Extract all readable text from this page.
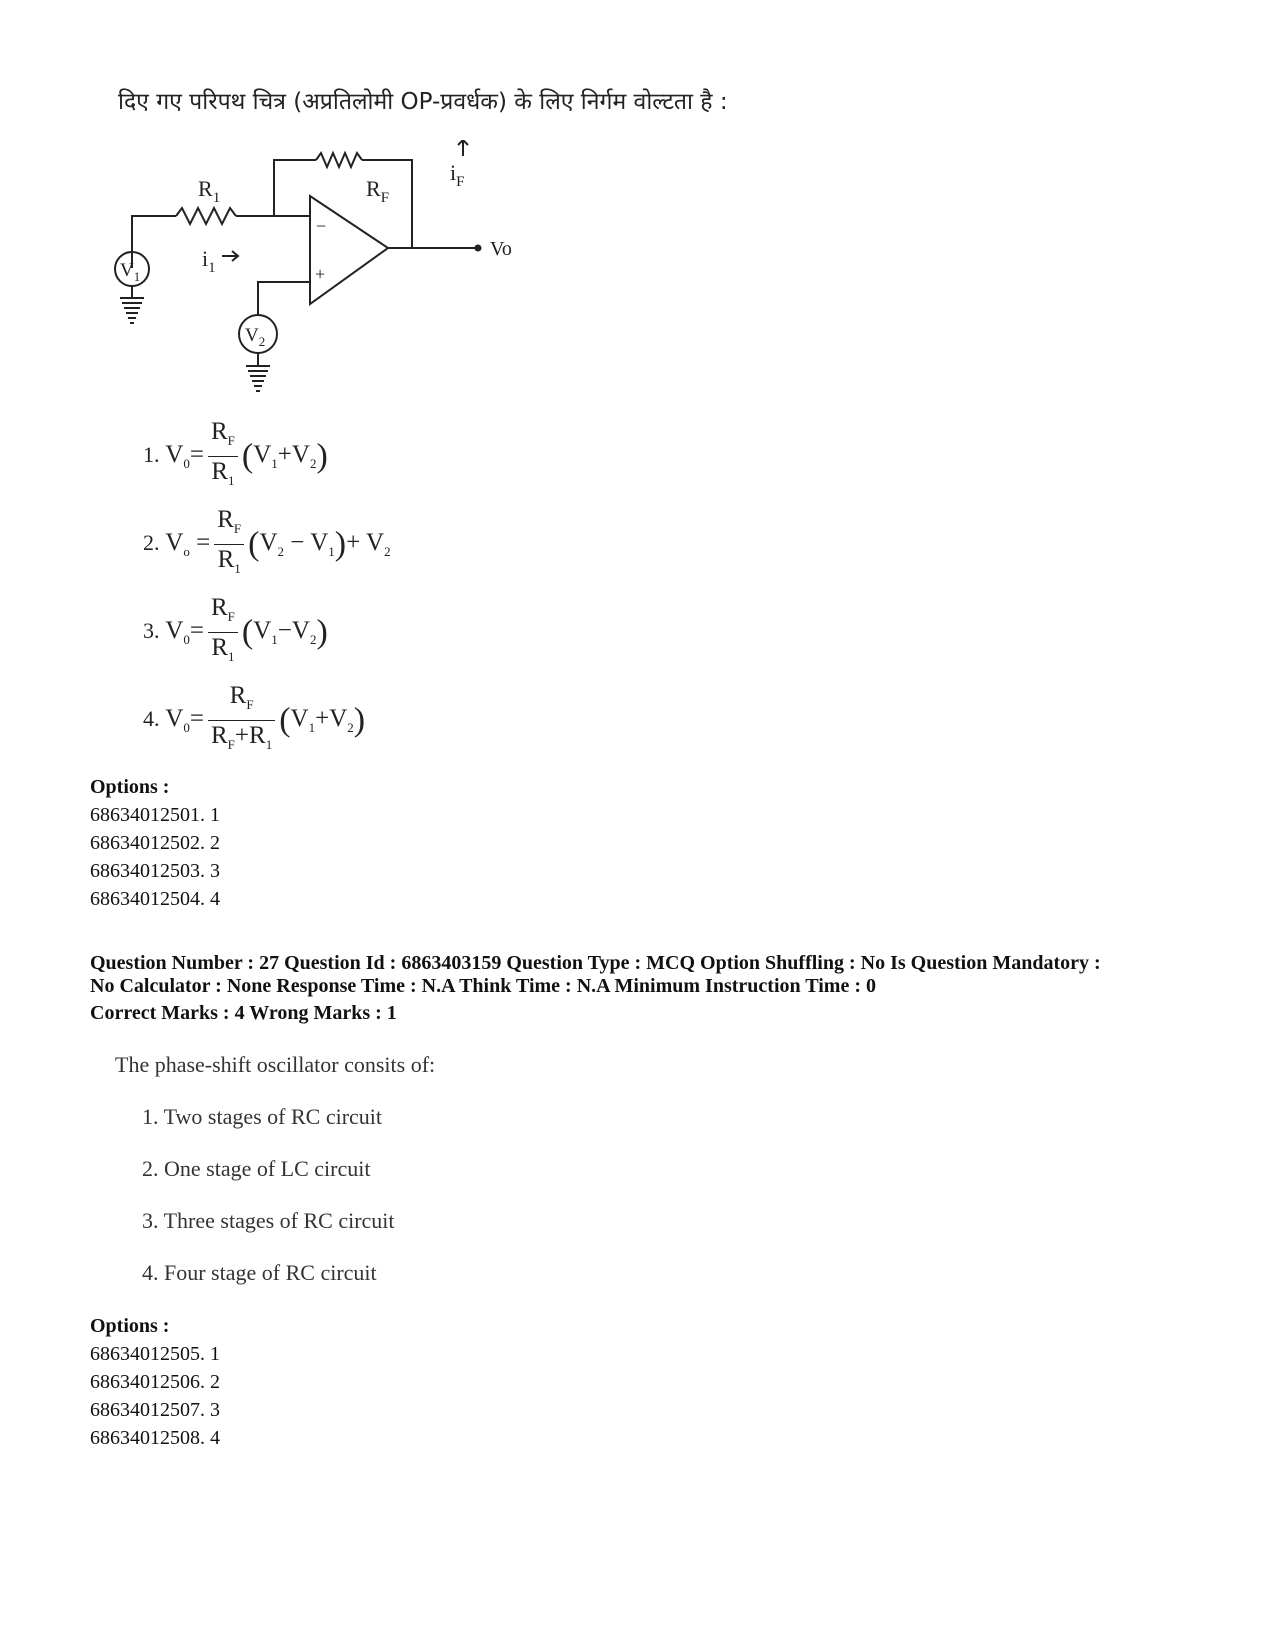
दिए गए परिपथ चित्र (अप्रतिलोमी OP-प्रवर्धक) के लिए निर्गम वोल्टता है :
$R_1$	$R_F$
$i_1$
$i_F$
$V_1$
$V_2$
−
+
Vo
1. $V_0= \frac{R_F}{R_1} (V_1+V_2)$
2. $V_o = \frac{R_F}{R_1} (V_2 - V_1)+ V_2$
3. $V_0= \frac{R_F}{R_1} (V_1-V_2)$
4. $V_0= \frac{R_F}{R_F+R_1} (V_1+V_2)$
Options :
68634012501. 1
68634012502. 2
68634012503. 3
68634012504. 4
Question Number : 27 Question Id : 6863403159 Question Type : MCQ Option Shuffling : No Is Question Mandatory :
No Calculator : None Response Time : N.A Think Time : N.A Minimum Instruction Time : 0
Correct Marks : 4 Wrong Marks : 1
The phase-shift oscillator consits of:
1. Two stages of RC circuit
2. One stage of LC circuit
3. Three stages of RC circuit
4. Four stage of RC circuit
Options :
68634012505. 1
68634012506. 2
68634012507. 3
68634012508. 4
